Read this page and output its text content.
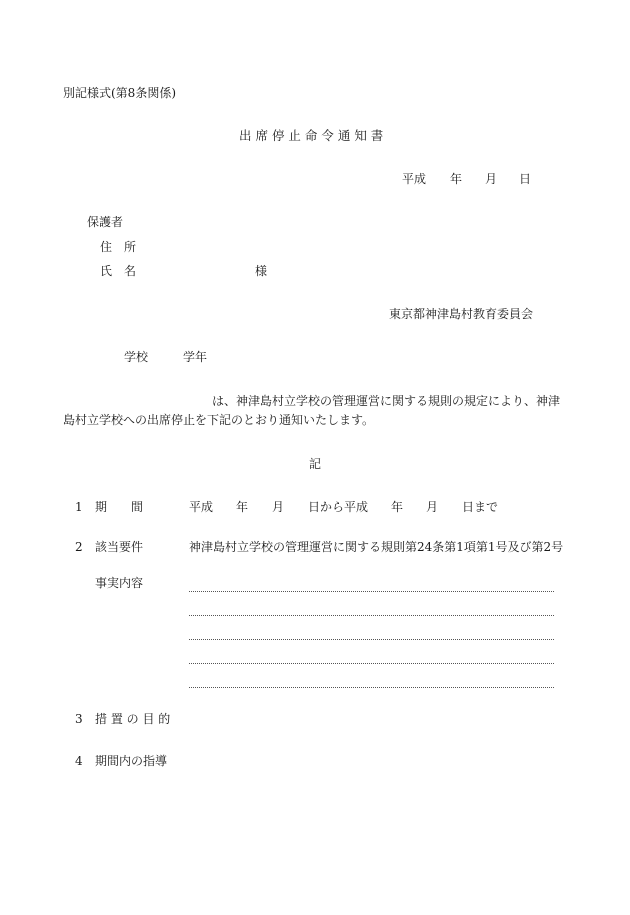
別記様式(第8条関係)
出 席 停 止 命 令 通 知 書
平成 年 月 日
保護者
住　所
氏　名	様
東京都神津島村教育委員会
学校	学年
は、神津島村立学校の管理運営に関する規則の規定により、神津
島村立学校への出席停止を下記のとおり通知いたします。
記
1 期　　間	平成 年 月 日から平成 年 月 日まで
2 該当要件	神津島村立学校の管理運営に関する規則第24条第1項第1号及び第2号
事実内容
3 措 置 の 目 的
4 期間内の指導
